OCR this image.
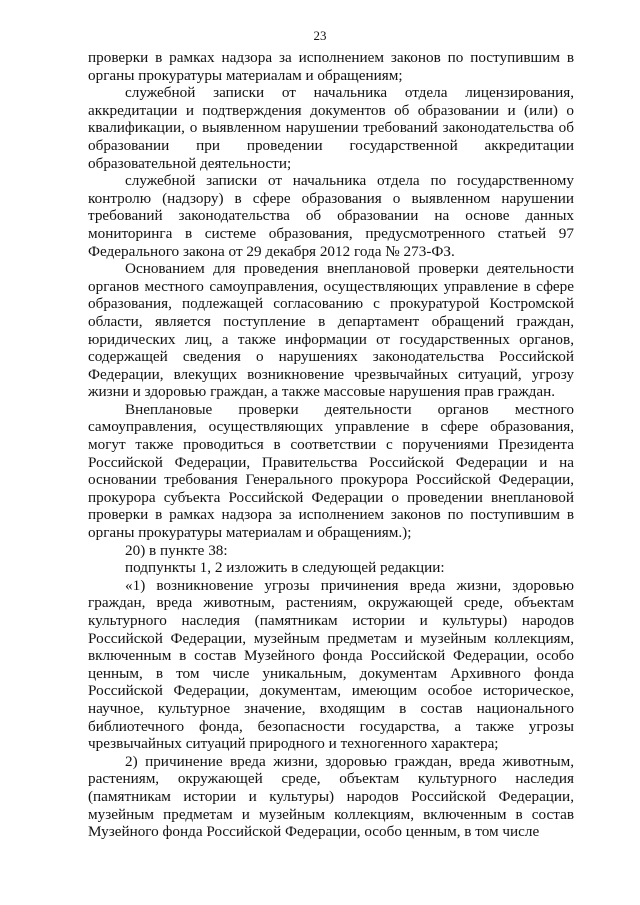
23

проверки в рамках надзора за исполнением законов по поступившим в органы прокуратуры материалам и обращениям;

служебной записки от начальника отдела лицензирования, аккредитации и подтверждения документов об образовании и (или) о квалификации, о выявленном нарушении требований законодательства об образовании при проведении государственной аккредитации образовательной деятельности;

служебной записки от начальника отдела по государственному контролю (надзору) в сфере образования о выявленном нарушении требований законодательства об образовании на основе данных мониторинга в системе образования, предусмотренного статьей 97 Федерального закона от 29 декабря 2012 года № 273-ФЗ.

Основанием для проведения внеплановой проверки деятельности органов местного самоуправления, осуществляющих управление в сфере образования, подлежащей согласованию с прокуратурой Костромской области, является поступление в департамент обращений граждан, юридических лиц, а также информации от государственных органов, содержащей сведения о нарушениях законодательства Российской Федерации, влекущих возникновение чрезвычайных ситуаций, угрозу жизни и здоровью граждан, а также массовые нарушения прав граждан.

Внеплановые проверки деятельности органов местного самоуправления, осуществляющих управление в сфере образования, могут также проводиться в соответствии с поручениями Президента Российской Федерации, Правительства Российской Федерации и на основании требования Генерального прокурора Российской Федерации, прокурора субъекта Российской Федерации о проведении внеплановой проверки в рамках надзора за исполнением законов по поступившим в органы прокуратуры материалам и обращениям.);

20) в пункте 38:

подпункты 1, 2 изложить в следующей редакции:

«1) возникновение угрозы причинения вреда жизни, здоровью граждан, вреда животным, растениям, окружающей среде, объектам культурного наследия (памятникам истории и культуры) народов Российской Федерации, музейным предметам и музейным коллекциям, включенным в состав Музейного фонда Российской Федерации, особо ценным, в том числе уникальным, документам Архивного фонда Российской Федерации, документам, имеющим особое историческое, научное, культурное значение, входящим в состав национального библиотечного фонда, безопасности государства, а также угрозы чрезвычайных ситуаций природного и техногенного характера;

2) причинение вреда жизни, здоровью граждан, вреда животным, растениям, окружающей среде, объектам культурного наследия (памятникам истории и культуры) народов Российской Федерации, музейным предметам и музейным коллекциям, включенным в состав Музейного фонда Российской Федерации, особо ценным, в том числе
